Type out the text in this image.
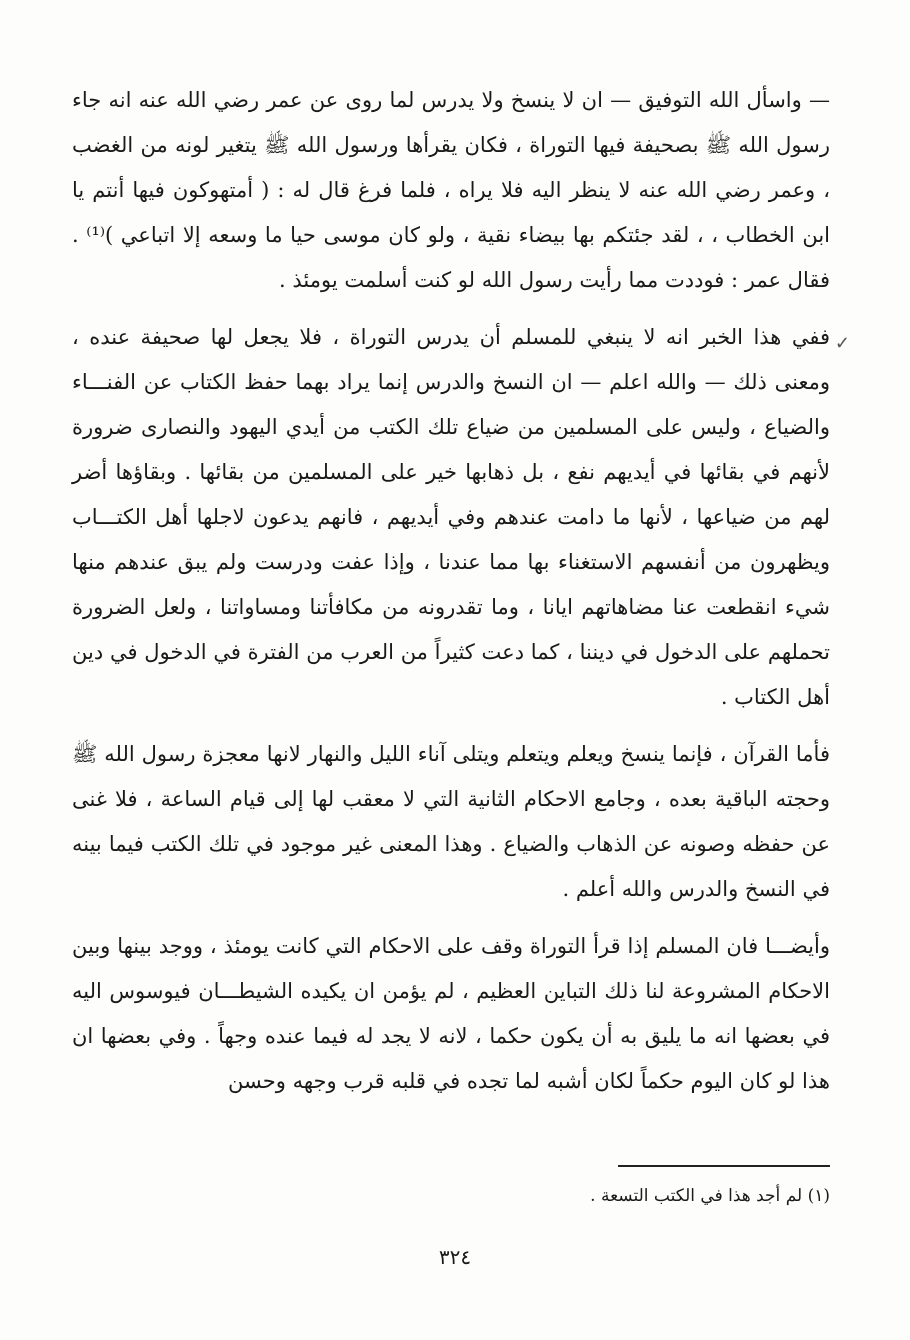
— واسأل الله التوفيق — ان لا ينسخ ولا يدرس لما روى عن عمر رضي الله عنه انه جاء رسول الله ﷺ بصحيفة فيها التوراة ، فكان يقرأها ورسول الله ﷺ يتغير لونه من الغضب ، وعمر رضي الله عنه لا ينظر اليه فلا يراه ، فلما فرغ قال له : ( أمتهوكون فيها أنتم يا ابن الخطاب ، ، لقد جئتكم بها بيضاء نقية ، ولو كان موسى حيا ما وسعه إلا اتباعي )⁽¹⁾ . فقال عمر : فوددت مما رأيت رسول الله لو كنت أسلمت يومئذ .

ففي هذا الخبر انه لا ينبغي للمسلم أن يدرس التوراة ، فلا يجعل لها صحيفة عنده ، ومعنى ذلك — والله اعلم — ان النسخ والدرس إنما يراد بهما حفظ الكتاب عن الفنـــاء والضياع ، وليس على المسلمين من ضياع تلك الكتب من أيدي اليهود والنصارى ضرورة لأنهم في بقائها في أيديهم نفع ، بل ذهابها خير على المسلمين من بقائها . وبقاؤها أضر لهم من ضياعها ، لأنها ما دامت عندهم وفي أيديهم ، فانهم يدعون لاجلها أهل الكتـــاب ويظهرون من أنفسهم الاستغناء بها مما عندنا ، وإذا عفت ودرست ولم يبق عندهم منها شيء انقطعت عنا مضاهاتهم ايانا ، وما تقدرونه من مكافأتنا ومساواتنا ، ولعل الضرورة تحملهم على الدخول في ديننا ، كما دعت كثيراً من العرب من الفترة في الدخول في دين أهل الكتاب .

فأما القرآن ، فإنما ينسخ ويعلم ويتعلم ويتلى آناء الليل والنهار لانها معجزة رسول الله ﷺ وحجته الباقية بعده ، وجامع الاحكام الثانية التي لا معقب لها إلى قيام الساعة ، فلا غنى عن حفظه وصونه عن الذهاب والضياع . وهذا المعنى غير موجود في تلك الكتب فيما بينه في النسخ والدرس والله أعلم .

وأيضـــا فان المسلم إذا قرأ التوراة وقف على الاحكام التي كانت يومئذ ، ووجد بينها وبين الاحكام المشروعة لنا ذلك التباين العظيم ، لم يؤمن ان يكيده الشيطـــان فيوسوس اليه في بعضها انه ما يليق به أن يكون حكما ، لانه لا يجد له فيما عنده وجهاً . وفي بعضها ان هذا لو كان اليوم حكماً لكان أشبه لما تجده في قلبه قرب وجهه وحسن

✓
(١) لم أجد هذا في الكتب التسعة .
٣٢٤
